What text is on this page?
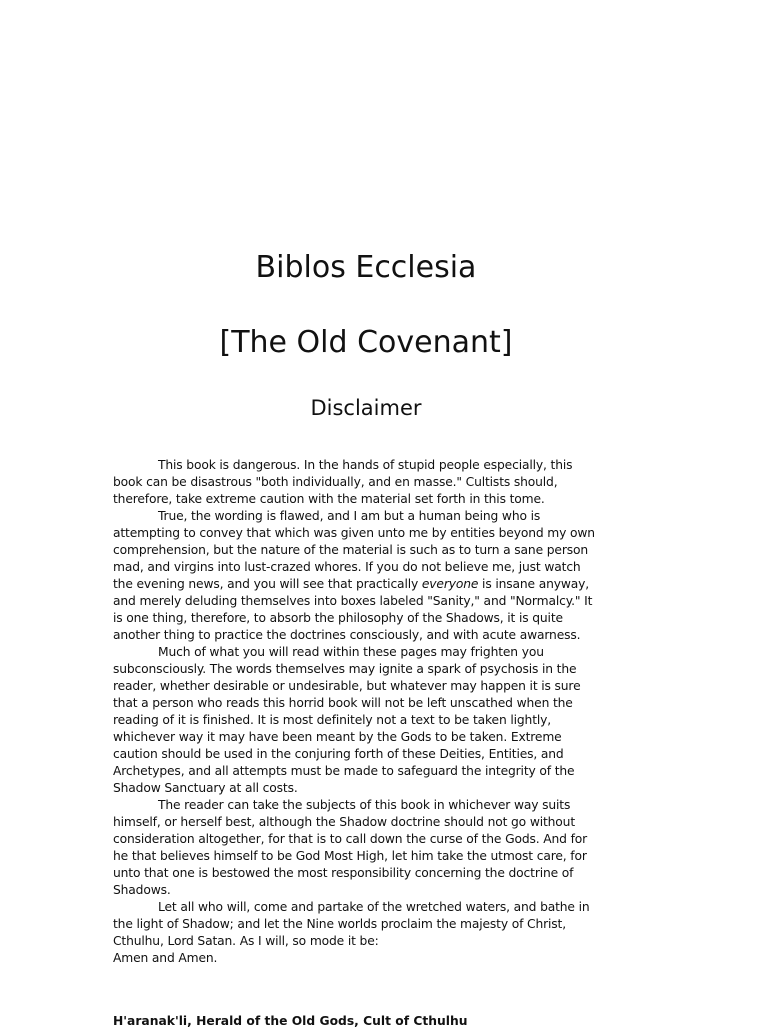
Biblos Ecclesia
[The Old Covenant]
Disclaimer

This book is dangerous. In the hands of stupid people especially, this book can be disastrous "both individually, and en masse." Cultists should, therefore, take extreme caution with the material set forth in this tome.

True, the wording is flawed, and I am but a human being who is attempting to convey that which was given unto me by entities beyond my own comprehension, but the nature of the material is such as to turn a sane person mad, and virgins into lust-crazed whores. If you do not believe me, just watch the evening news, and you will see that practically everyone is insane anyway, and merely deluding themselves into boxes labeled "Sanity," and "Normalcy." It is one thing, therefore, to absorb the philosophy of the Shadows, it is quite another thing to practice the doctrines consciously, and with acute awarness.

Much of what you will read within these pages may frighten you subconsciously. The words themselves may ignite a spark of psychosis in the reader, whether desirable or undesirable, but whatever may happen it is sure that a person who reads this horrid book will not be left unscathed when the reading of it is finished. It is most definitely not a text to be taken lightly, whichever way it may have been meant by the Gods to be taken. Extreme caution should be used in the conjuring forth of these Deities, Entities, and Archetypes, and all attempts must be made to safeguard the integrity of the Shadow Sanctuary at all costs.

The reader can take the subjects of this book in whichever way suits himself, or herself best, although the Shadow doctrine should not go without consideration altogether, for that is to call down the curse of the Gods. And for he that believes himself to be God Most High, let him take the utmost care, for unto that one is bestowed the most responsibility concerning the doctrine of Shadows.

Let all who will, come and partake of the wretched waters, and bathe in the light of Shadow; and let the Nine worlds proclaim the majesty of Christ, Cthulhu, Lord Satan. As I will, so mode it be:

Amen and Amen.

H'aranak'li, Herald of the Old Gods, Cult of Cthulhu
